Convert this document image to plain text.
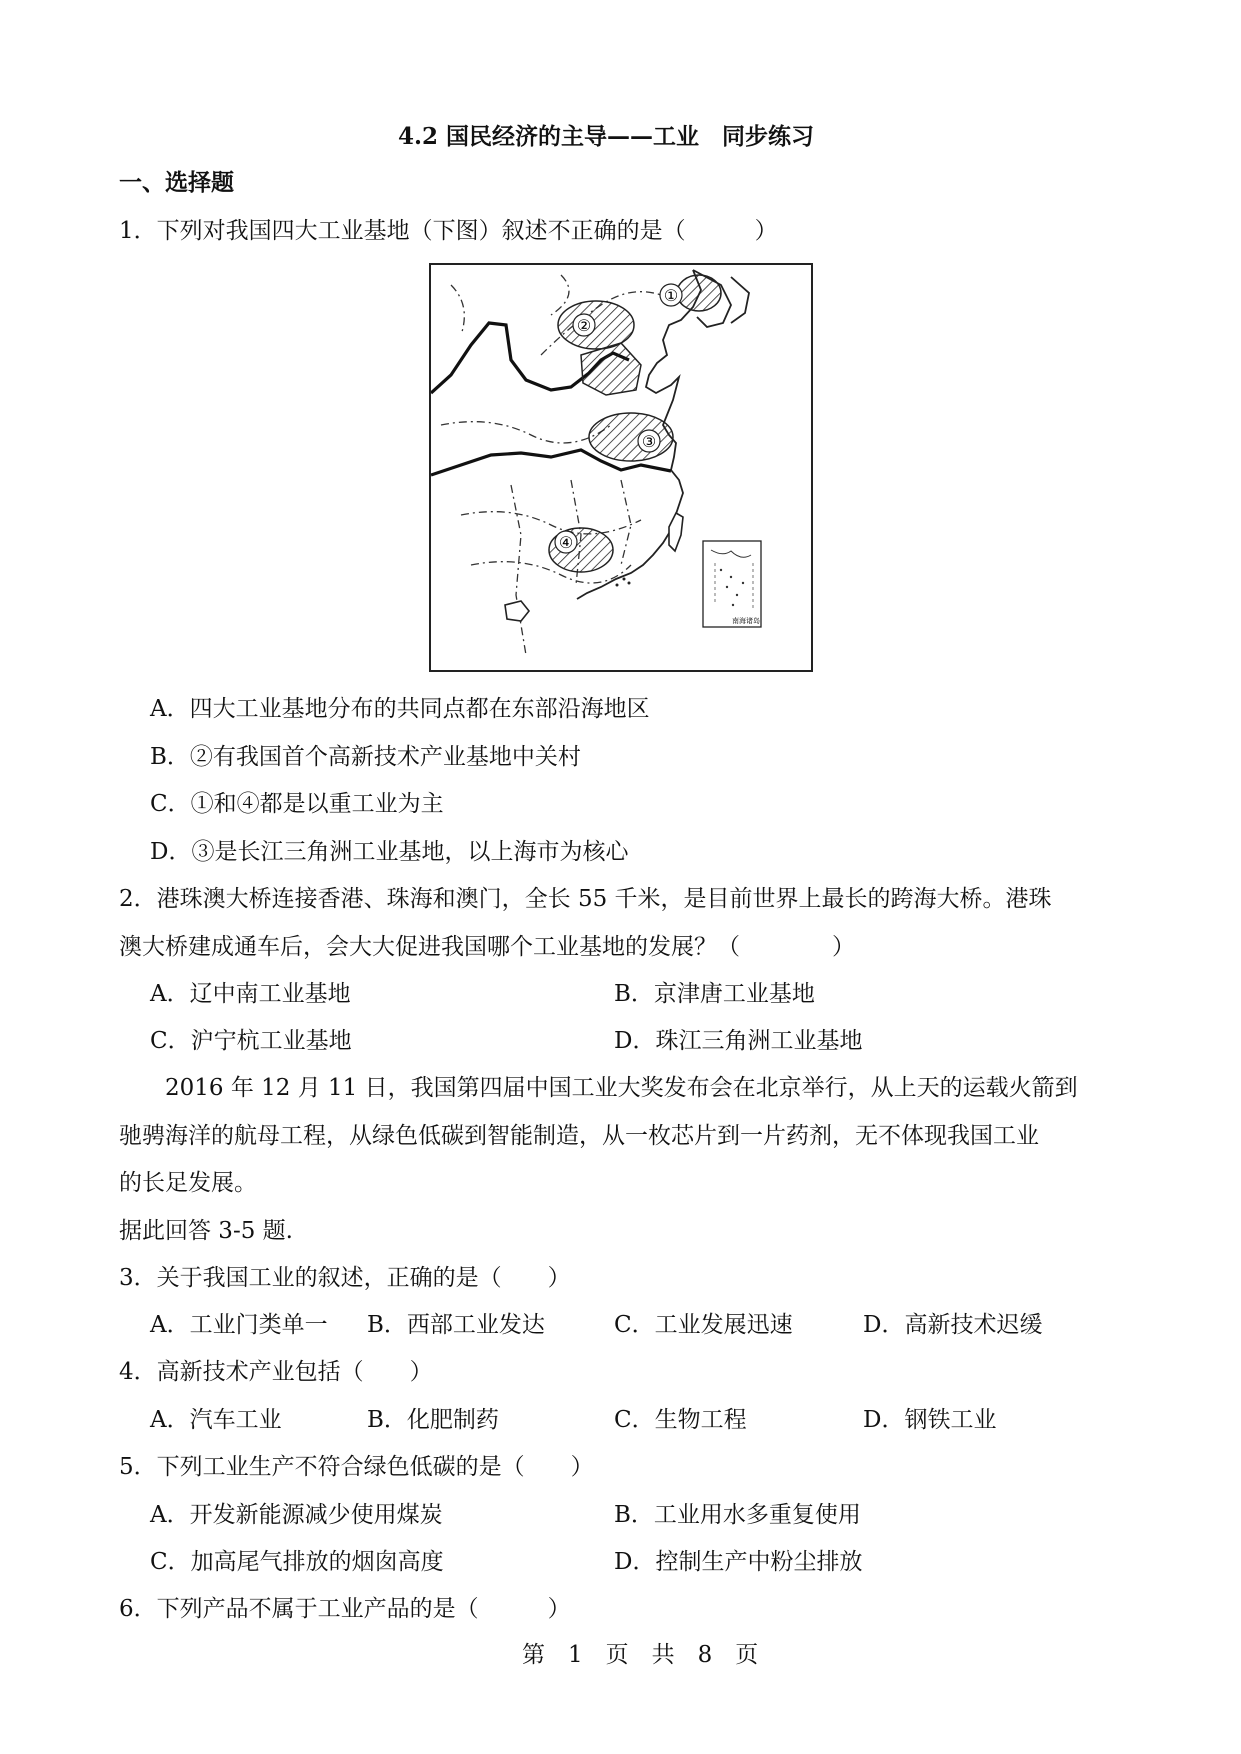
4.2 国民经济的主导——工业　同步练习
一、选择题
1．下列对我国四大工业基地（下图）叙述不正确的是（　　　）
①
②
③
④
南海诸岛
A．四大工业基地分布的共同点都在东部沿海地区
B．②有我国首个高新技术产业基地中关村
C．①和④都是以重工业为主
D．③是长江三角洲工业基地，以上海市为核心
2．港珠澳大桥连接香港、珠海和澳门，全长 55 千米，是目前世界上最长的跨海大桥。港珠
澳大桥建成通车后，会大大促进我国哪个工业基地的发展？（　　　　）
A．辽中南工业基地	B．京津唐工业基地
C．沪宁杭工业基地	D．珠江三角洲工业基地
2016 年 12 月 11 日，我国第四届中国工业大奖发布会在北京举行，从上天的运载火箭到
驰骋海洋的航母工程，从绿色低碳到智能制造，从一枚芯片到一片药剂，无不体现我国工业
的长足发展。
据此回答 3-5 题.
3．关于我国工业的叙述，正确的是（　　）
A．工业门类单一 B．西部工业发达	C．工业发展迅速	D．高新技术迟缓
4．高新技术产业包括（　　）
A．汽车工业	B．化肥制药	C．生物工程	D．钢铁工业
5．下列工业生产不符合绿色低碳的是（　　）
A．开发新能源减少使用煤炭	B．工业用水多重复使用
C．加高尾气排放的烟囱高度	D．控制生产中粉尘排放
6．下列产品不属于工业产品的是（　　　）
第　1　页　共　8　页
